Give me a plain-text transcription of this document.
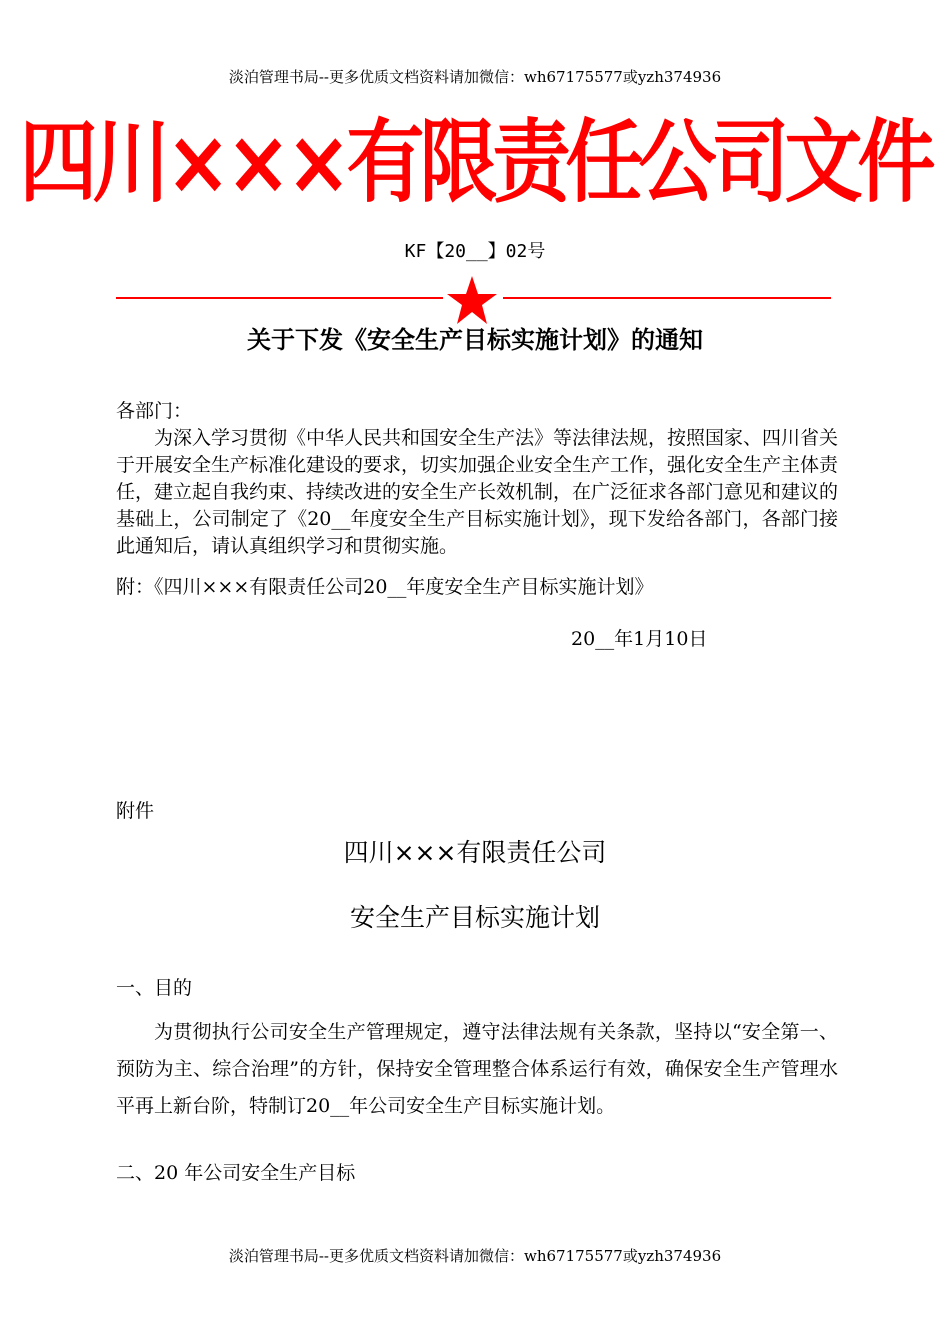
淡泊管理书局--更多优质文档资料请加微信：wh67175577或yzh374936
四川×××有限责任公司文件
KF【20__】02号
关于下发《安全生产目标实施计划》的通知
各部门：
为深入学习贯彻《中华人民共和国安全生产法》等法律法规，按照国家、四川省关于开展安全生产标准化建设的要求，切实加强企业安全生产工作，强化安全生产主体责任，建立起自我约束、持续改进的安全生产长效机制，在广泛征求各部门意见和建议的基础上，公司制定了《20__年度安全生产目标实施计划》，现下发给各部门，各部门接此通知后，请认真组织学习和贯彻实施。
附：《四川×××有限责任公司20__年度安全生产目标实施计划》
20__年1月10日
附件
四川×××有限责任公司
安全生产目标实施计划
一、目的
为贯彻执行公司安全生产管理规定，遵守法律法规有关条款，坚持以“安全第一、预防为主、综合治理”的方针，保持安全管理整合体系运行有效，确保安全生产管理水平再上新台阶，特制订20__年公司安全生产目标实施计划。
二、20 年公司安全生产目标
淡泊管理书局--更多优质文档资料请加微信：wh67175577或yzh374936
